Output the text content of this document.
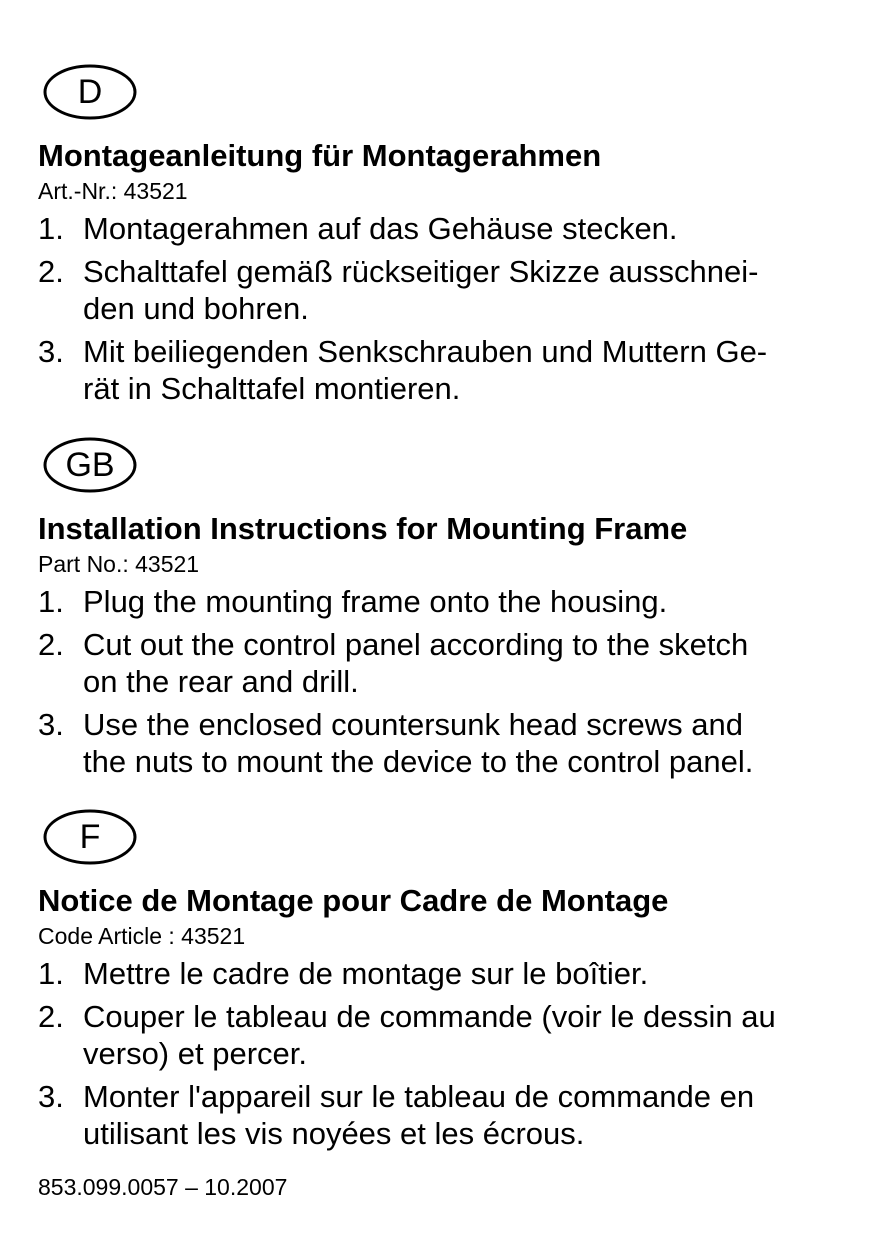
D
Montageanleitung für Montagerahmen

Art.-Nr.: 43521

1. Montagerahmen auf das Gehäuse stecken.
2. Schalttafel gemäß rückseitiger Skizze ausschnei-
den und bohren.
3. Mit beiliegenden Senkschrauben und Muttern Ge-
rät in Schalttafel montieren.
GB
Installation Instructions for Mounting Frame

Part No.: 43521

1. Plug the mounting frame onto the housing.
2. Cut out the control panel according to the sketch
on the rear and drill.
3. Use the enclosed countersunk head screws and
the nuts to mount the device to the control panel.
F
Notice de Montage pour Cadre de Montage

Code Article : 43521

1. Mettre le cadre de montage sur le boîtier.
2. Couper le tableau de commande (voir le dessin au
verso) et percer.
3. Monter l'appareil sur le tableau de commande en
utilisant les vis noyées et les écrous.
853.099.0057 – 10.2007
